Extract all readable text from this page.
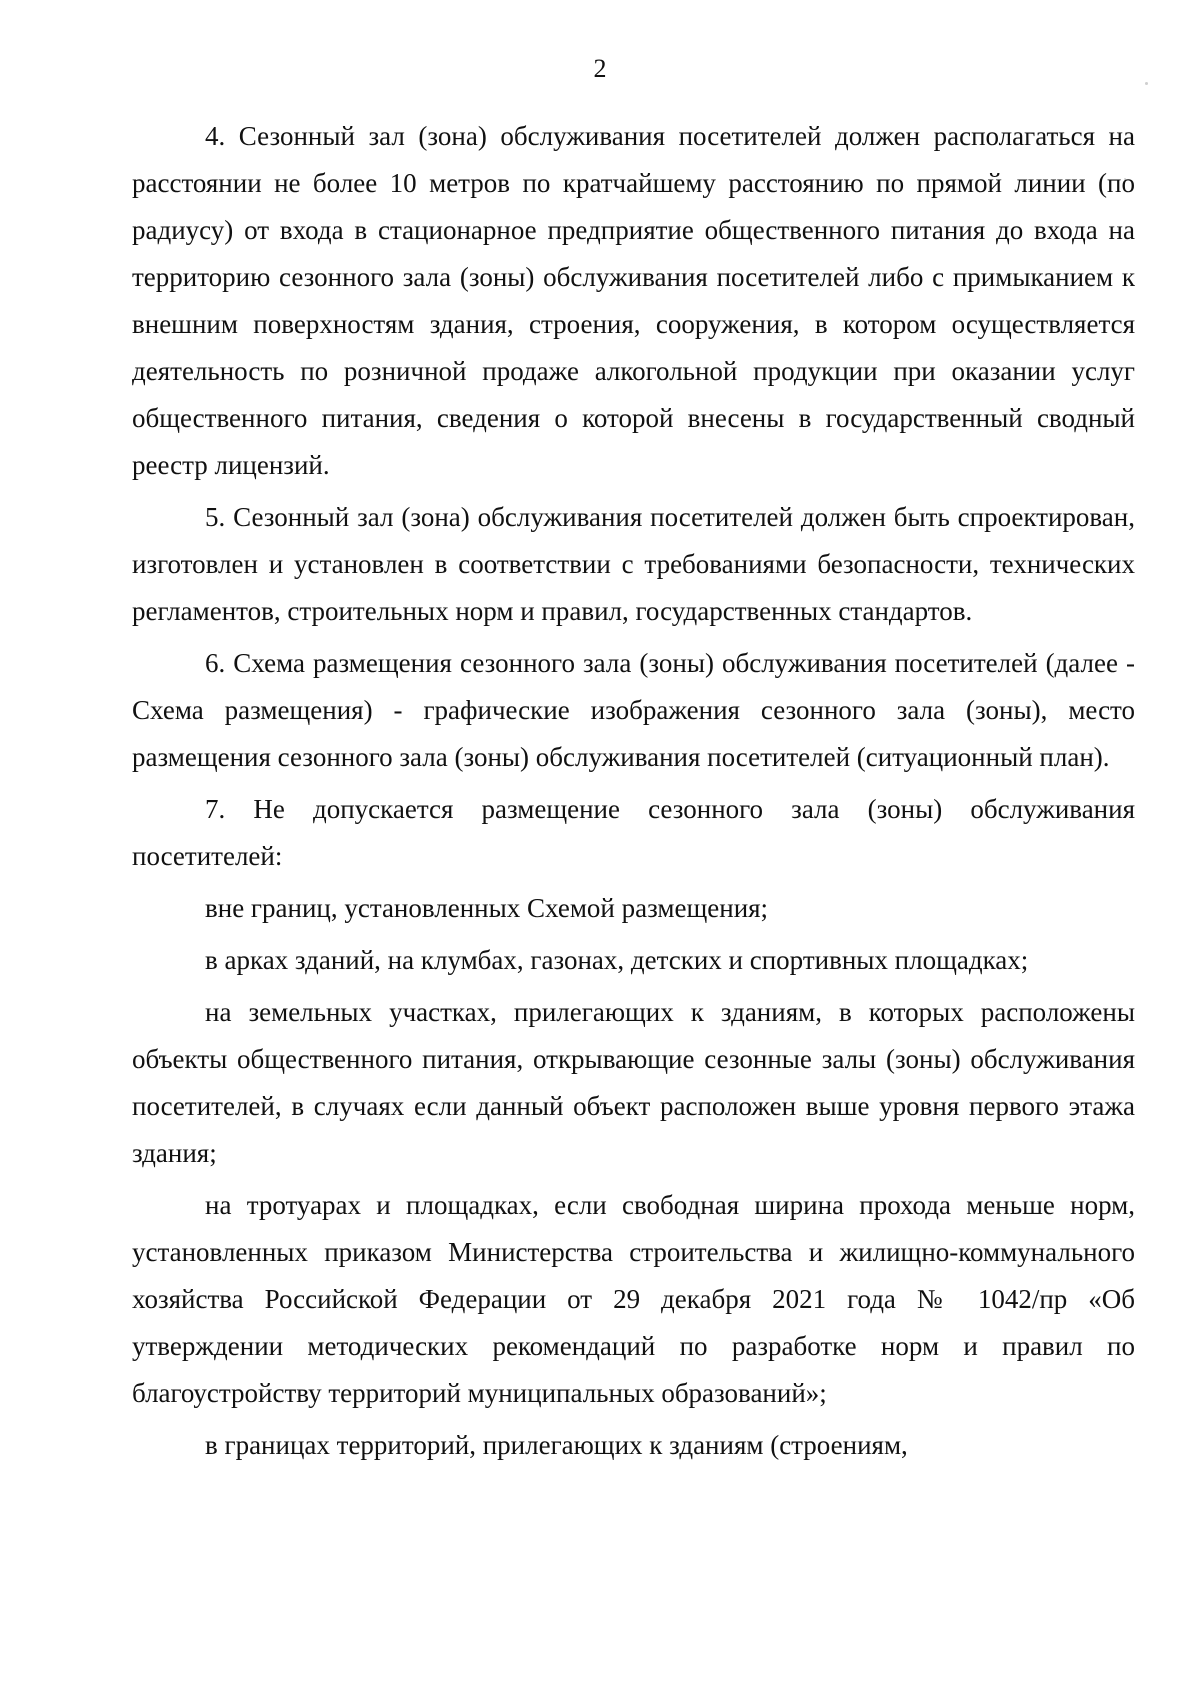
2

4. Сезонный зал (зона) обслуживания посетителей должен располагаться на расстоянии не более 10 метров по кратчайшему расстоянию по прямой линии (по радиусу) от входа в стационарное предприятие общественного питания до входа на территорию сезонного зала (зоны) обслуживания посетителей либо с примыканием к внешним поверхностям здания, строения, сооружения, в котором осуществляется деятельность по розничной продаже алкогольной продукции при оказании услуг общественного питания, сведения о которой внесены в государственный сводный реестр лицензий.

5. Сезонный зал (зона) обслуживания посетителей должен быть спроектирован, изготовлен и установлен в соответствии с требованиями безопасности, технических регламентов, строительных норм и правил, государственных стандартов.

6. Схема размещения сезонного зала (зоны) обслуживания посетителей (далее - Схема размещения) - графические изображения сезонного зала (зоны), место размещения сезонного зала (зоны) обслуживания посетителей (ситуационный план).

7. Не допускается размещение сезонного зала (зоны) обслуживания посетителей:

вне границ, установленных Схемой размещения;

в арках зданий, на клумбах, газонах, детских и спортивных площадках;

на земельных участках, прилегающих к зданиям, в которых расположены объекты общественного питания, открывающие сезонные залы (зоны) обслуживания посетителей, в случаях если данный объект расположен выше уровня первого этажа здания;

на тротуарах и площадках, если свободная ширина прохода меньше норм, установленных приказом Министерства строительства и жилищно-коммунального хозяйства Российской Федерации от 29 декабря 2021 года № 1042/пр «Об утверждении методических рекомендаций по разработке норм и правил по благоустройству территорий муниципальных образований»;

в границах территорий, прилегающих к зданиям (строениям,
